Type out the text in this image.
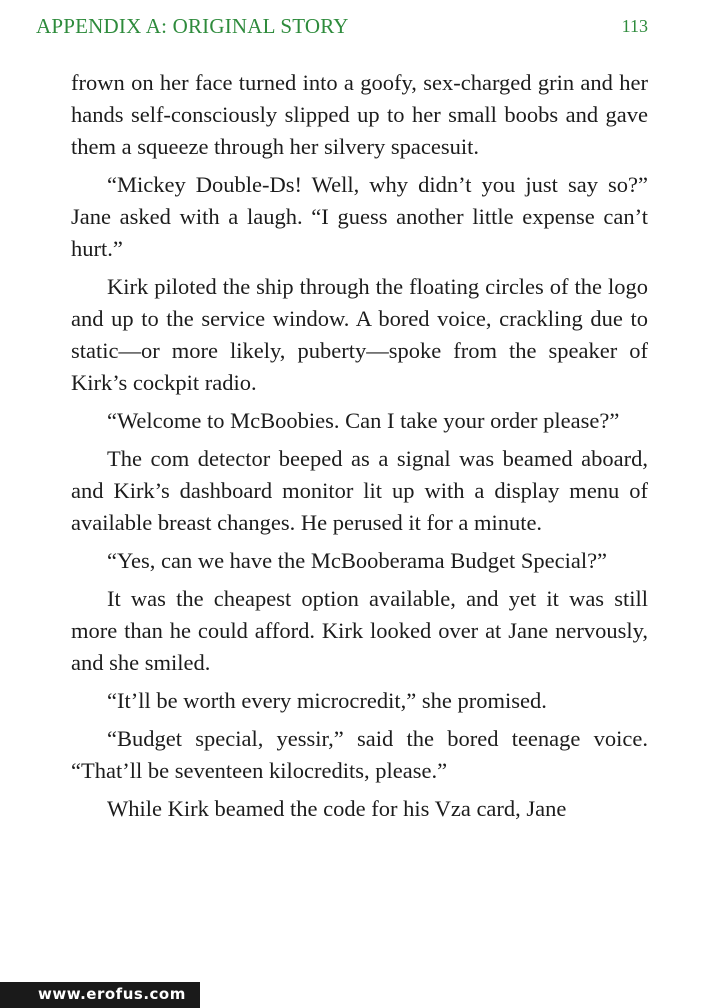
APPENDIX A: ORIGINAL STORY	113

frown on her face turned into a goofy, sex-charged grin and her hands self-consciously slipped up to her small boobs and gave them a squeeze through her silvery spacesuit.

“Mickey Double-Ds! Well, why didn’t you just say so?” Jane asked with a laugh. “I guess another little expense can’t hurt.”

Kirk piloted the ship through the floating circles of the logo and up to the service window. A bored voice, crackling due to static—or more likely, puberty—spoke from the speaker of Kirk’s cockpit radio.

“Welcome to McBoobies. Can I take your order please?”

The com detector beeped as a signal was beamed aboard, and Kirk’s dashboard monitor lit up with a display menu of available breast changes. He perused it for a minute.

“Yes, can we have the McBooberama Budget Special?”

It was the cheapest option available, and yet it was still more than he could afford. Kirk looked over at Jane nervously, and she smiled.

“It’ll be worth every microcredit,” she promised.

“Budget special, yessir,” said the bored teenage voice. “That’ll be seventeen kilocredits, please.”

While Kirk beamed the code for his Vza card, Jane

www.erofus.com
